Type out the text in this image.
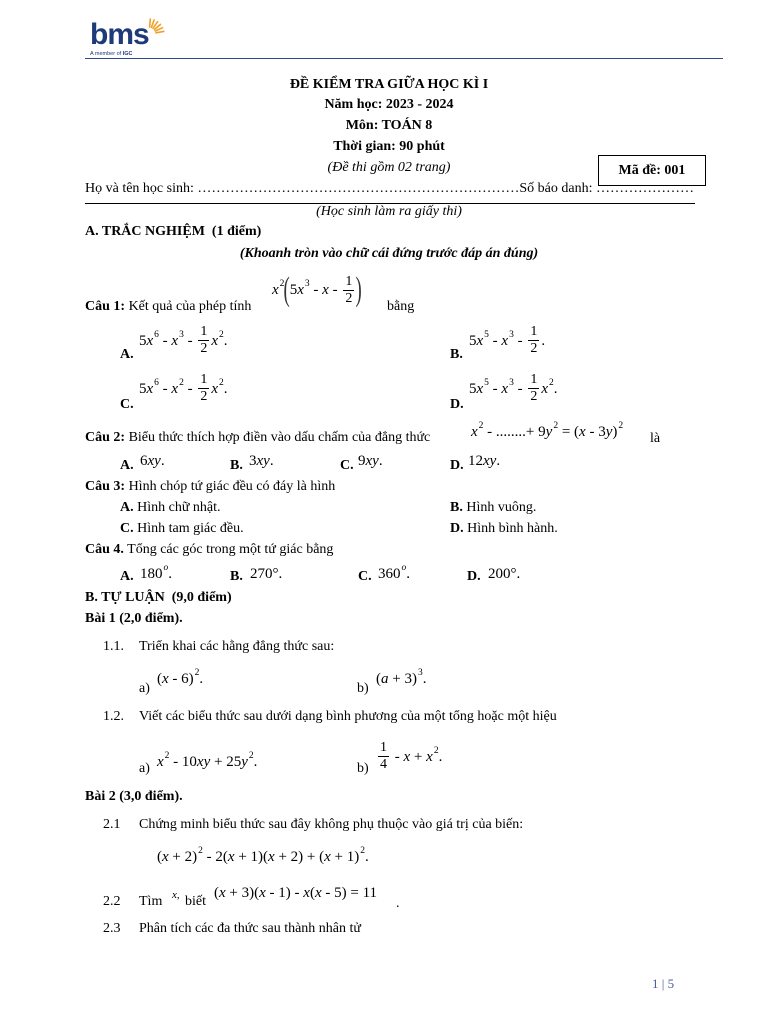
bms
A member of IGC
ĐỀ KIỂM TRA GIỮA HỌC KÌ I
Năm học: 2023 - 2024
Môn: TOÁN 8
Thời gian: 90 phút
(Đề thi gồm 02 trang)	Mã đề: 001
Họ và tên học sinh: ……………………………………………………………Số báo danh: …………………
(Học sinh làm ra giấy thi)
A. TRẮC NGHIỆM  (1 điểm)
(Khoanh tròn vào chữ cái đứng trước đáp án đúng)
Câu 1: Kết quả của phép tính
x 2 ( 5x 3 - x - $\frac{1}{2}$ ) bằng
A.
5x 6 - x $3 - \frac{1}{2}$ x 2 .
B.
5x 5 - x $3 - \frac{1}{2}$ .
C.
5x 6 - x $2 - \frac{1}{2}$ x 2 .
D.
5x 5 - x $3 - \frac{1}{2}$ x 2 .
Câu 2: Biểu thức thích hợp điền vào dấu chấm của đẳng thức	x 2 - ........+ 9y 2 = (x - 3y) 2
là
A. 6xy.	B. 3xy.	C. 9xy.	D. 12xy.
Câu 3: Hình chóp tứ giác đều có đáy là hình
A. Hình chữ nhật.	B. Hình vuông.
C. Hình tam giác đều.	D. Hình bình hành.
Câu 4. Tổng các góc trong một tứ giác bằng
A. 180 o .	B. 270°.	C. 360 o .	D. 200°.
B. TỰ LUẬN  (9,0 điểm)
Bài 1 (2,0 điểm).
1.1. Triển khai các hằng đẳng thức sau:
a)
(x - 6) 2 .
b)
(a + 3) 3 .
1.2. Viết các biểu thức sau dưới dạng bình phương của một tổng hoặc một hiệu
a) x 2 - 10xy + 25y 2 .	$b) \frac{1}{4} - x + x$ 2 .
Bài 2 (3,0 điểm).
2.1 Chứng minh biểu thức sau đây không phụ thuộc vào giá trị của biến:
(x + 2) 2 - 2(x + 1)(x + 2) + (x + 1) 2 .
2.2 Tìm x, biết
(x + 3)(x - 1) - x(x - 5) = 11
.
2.3 Phân tích các đa thức sau thành nhân tử
1 | 5
